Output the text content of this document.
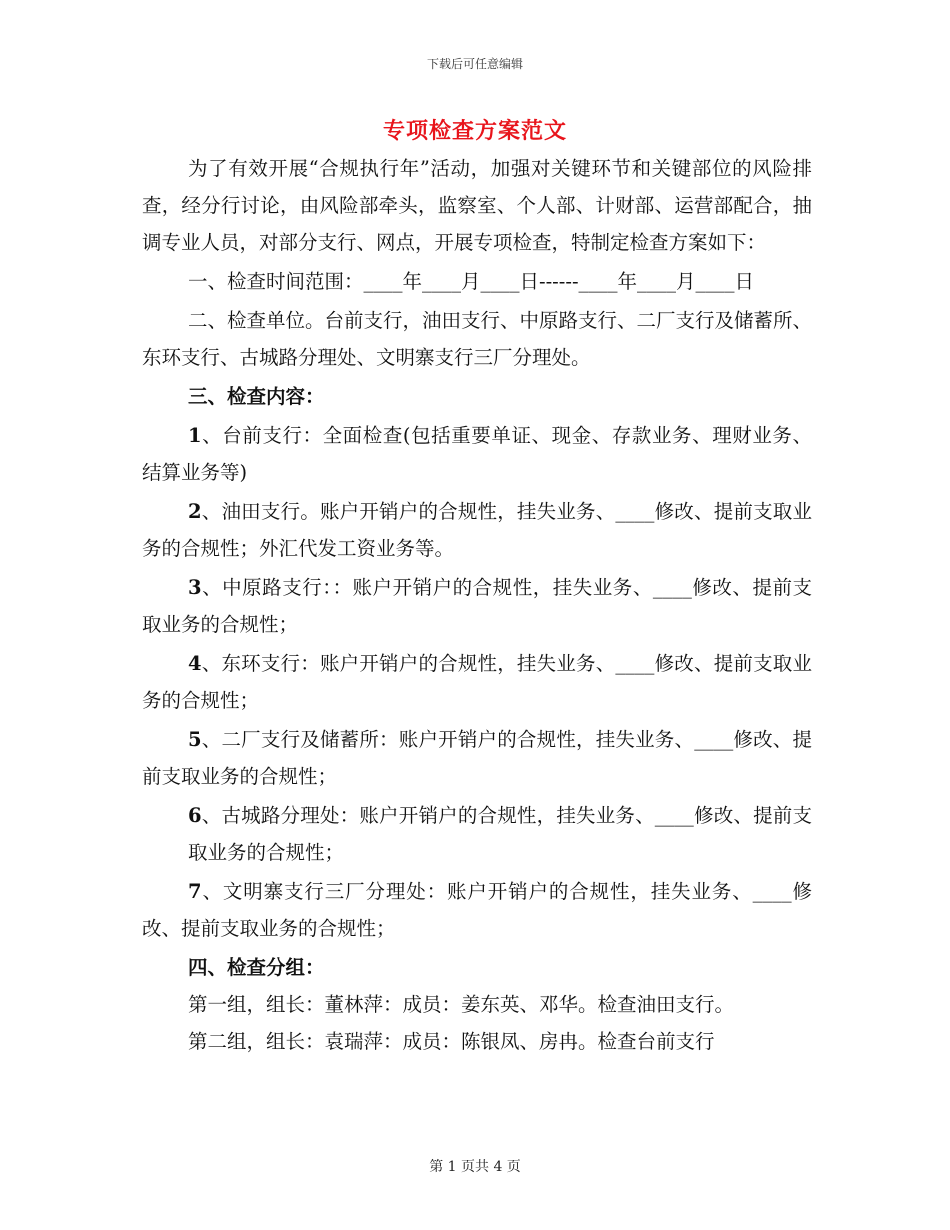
下载后可任意编辑
专项检查方案范文

为了有效开展“合规执行年”活动，加强对关键环节和关键部位的风险排查，经分行讨论，由风险部牵头，监察室、个人部、计财部、运营部配合，抽调专业人员，对部分支行、网点，开展专项检查，特制定检查方案如下：

一、检查时间范围：____年____月____日------____年____月____日

二、检查单位。台前支行，油田支行、中原路支行、二厂支行及储蓄所、东环支行、古城路分理处、文明寨支行三厂分理处。

三、检查内容：

1、台前支行：全面检查(包括重要单证、现金、存款业务、理财业务、结算业务等)

2、油田支行。账户开销户的合规性，挂失业务、____修改、提前支取业务的合规性；外汇代发工资业务等。

3、中原路支行：：账户开销户的合规性，挂失业务、____修改、提前支取业务的合规性；

4、东环支行：账户开销户的合规性，挂失业务、____修改、提前支取业务的合规性；

5、二厂支行及储蓄所：账户开销户的合规性，挂失业务、____修改、提前支取业务的合规性；

6、古城路分理处：账户开销户的合规性，挂失业务、____修改、提前支取业务的合规性；

7、文明寨支行三厂分理处：账户开销户的合规性，挂失业务、____修改、提前支取业务的合规性；

四、检查分组：

第一组，组长：董林萍：成员：姜东英、邓华。检查油田支行。

第二组，组长：袁瑞萍：成员：陈银凤、房冉。检查台前支行

第 1 页共 4 页
